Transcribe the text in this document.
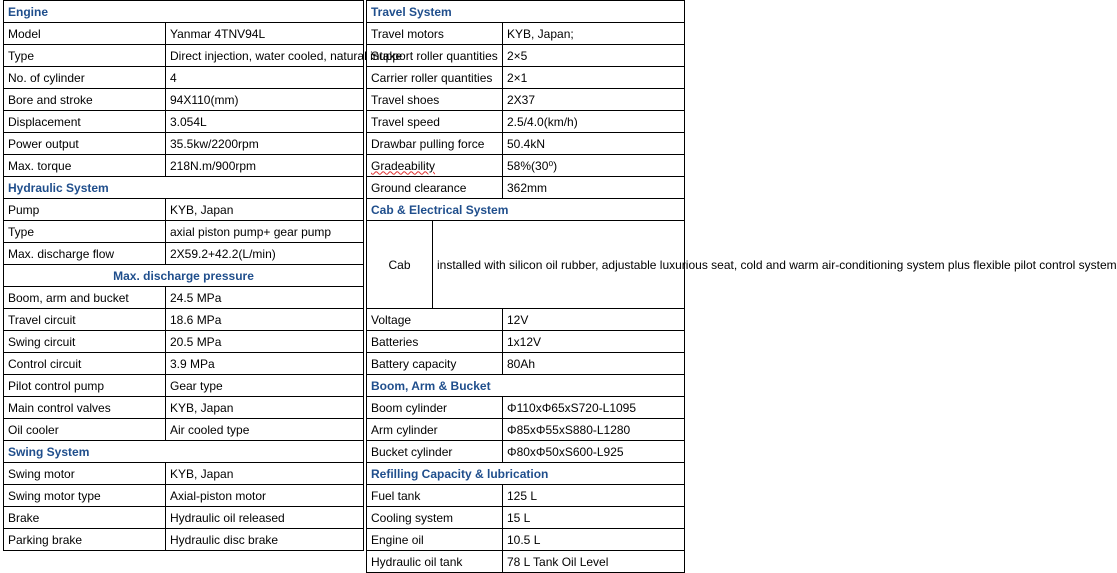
Engine	
Model	Yanmar 4TNV94L
Type	Direct injection, water cooled, natural intake
No. of cylinder	4
Bore and stroke	94X110(mm)
Displacement	3.054L
Power output	35.5kw/2200rpm
Max. torque	218N.m/900rpm
Hydraulic System	
Pump	KYB, Japan
Type	axial piston pump+ gear pump
Max. discharge flow	2X59.2+42.2(L/min)
Max. discharge pressure	
Boom, arm and bucket	24.5 MPa
Travel circuit	18.6 MPa
Swing circuit	20.5 MPa
Control circuit	3.9 MPa
Pilot control pump	Gear type
Main control valves	KYB, Japan
Oil cooler	Air cooled type
Swing System	
Swing motor	KYB, Japan
Swing motor type	Axial-piston motor
Brake	Hydraulic oil released
Parking brake	Hydraulic disc brake
Travel System		
Travel motors		KYB, Japan;
Support roller quantities		2×5
Carrier roller quantities		2×1
Travel shoes		2X37
Travel speed		2.5/4.0(km/h)
Drawbar pulling force		50.4kN
Gradeability		58%(30⁰)
Ground clearance		362mm
Cab & Electrical System		
Cab	installed with silicon oil rubber, adjustable luxurious seat, cold and warm air-conditioning system plus flexible pilot control system	
Voltage		12V
Batteries		1x12V
Battery capacity		80Ah
Boom, Arm & Bucket		
Boom cylinder		Φ110xΦ65xS720-L1095
Arm cylinder		Φ85xΦ55xS880-L1280
Bucket cylinder		Φ80xΦ50xS600-L925
Refilling Capacity & lubrication		
Fuel tank		125 L
Cooling system		15 L
Engine oil		10.5 L
Hydraulic oil tank		78 L Tank Oil Level
